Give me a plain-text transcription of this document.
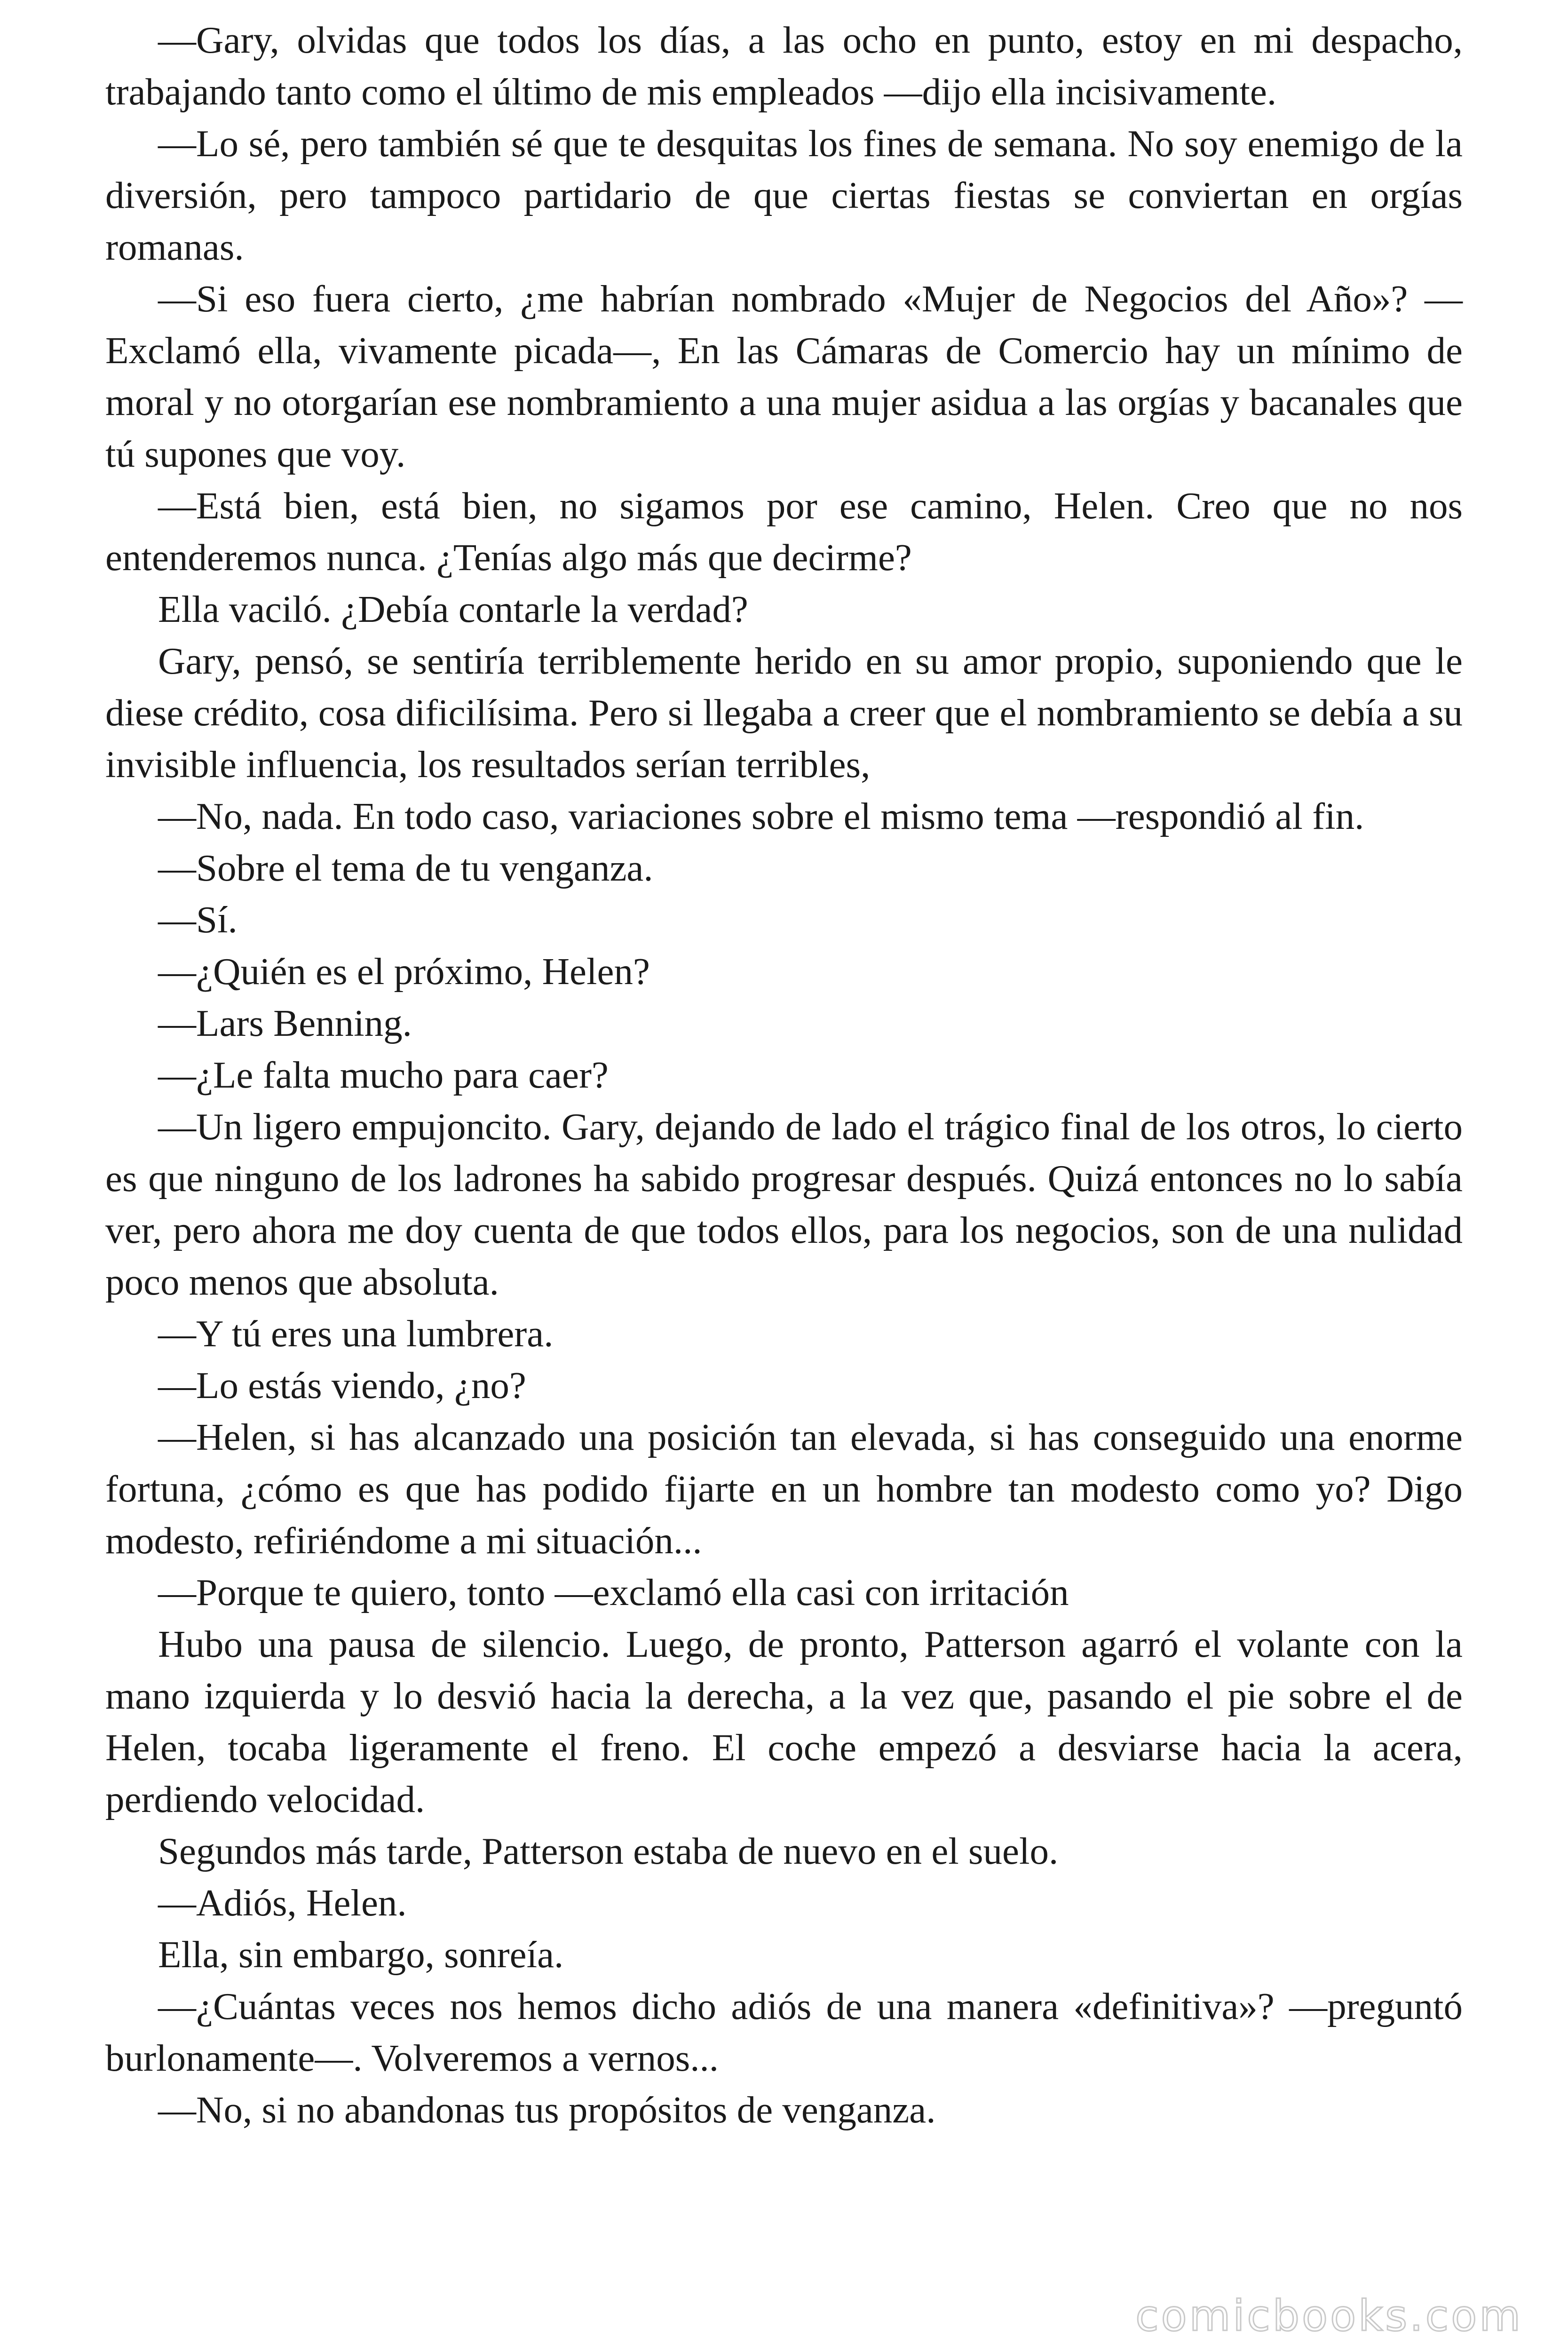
—Gary, olvidas que todos los días, a las ocho en punto, estoy en mi despacho, trabajando tanto como el último de mis empleados —dijo ella incisivamente.

—Lo sé, pero también sé que te desquitas los fines de semana. No soy enemigo de la diversión, pero tampoco partidario de que ciertas fiestas se conviertan en orgías romanas.

—Si eso fuera cierto, ¿me habrían nombrado «Mujer de Negocios del Año»? —Exclamó ella, vivamente picada—, En las Cámaras de Comercio hay un mínimo de moral y no otorgarían ese nombramiento a una mujer asidua a las orgías y bacanales que tú supones que voy.

—Está bien, está bien, no sigamos por ese camino, Helen. Creo que no nos entenderemos nunca. ¿Tenías algo más que decirme?

Ella vaciló. ¿Debía contarle la verdad?

Gary, pensó, se sentiría terriblemente herido en su amor propio, suponiendo que le diese crédito, cosa dificilísima. Pero si llegaba a creer que el nombramiento se debía a su invisible influencia, los resultados serían terribles,

—No, nada. En todo caso, variaciones sobre el mismo tema —respondió al fin.

—Sobre el tema de tu venganza.

—Sí.

—¿Quién es el próximo, Helen?

—Lars Benning.

—¿Le falta mucho para caer?

—Un ligero empujoncito. Gary, dejando de lado el trágico final de los otros, lo cierto es que ninguno de los ladrones ha sabido progresar después. Quizá entonces no lo sabía ver, pero ahora me doy cuenta de que todos ellos, para los negocios, son de una nulidad poco menos que absoluta.

—Y tú eres una lumbrera.

—Lo estás viendo, ¿no?

—Helen, si has alcanzado una posición tan elevada, si has conseguido una enorme fortuna, ¿cómo es que has podido fijarte en un hombre tan modesto como yo? Digo modesto, refiriéndome a mi situación...

—Porque te quiero, tonto —exclamó ella casi con irritación

Hubo una pausa de silencio. Luego, de pronto, Patterson agarró el volante con la mano izquierda y lo desvió hacia la derecha, a la vez que, pasando el pie sobre el de Helen, tocaba ligeramente el freno. El coche empezó a desviarse hacia la acera, perdiendo velocidad.

Segundos más tarde, Patterson estaba de nuevo en el suelo.

—Adiós, Helen.

Ella, sin embargo, sonreía.

—¿Cuántas veces nos hemos dicho adiós de una manera «definitiva»? —preguntó burlonamente—. Volveremos a vernos...

—No, si no abandonas tus propósitos de venganza.

comicbooks.com
